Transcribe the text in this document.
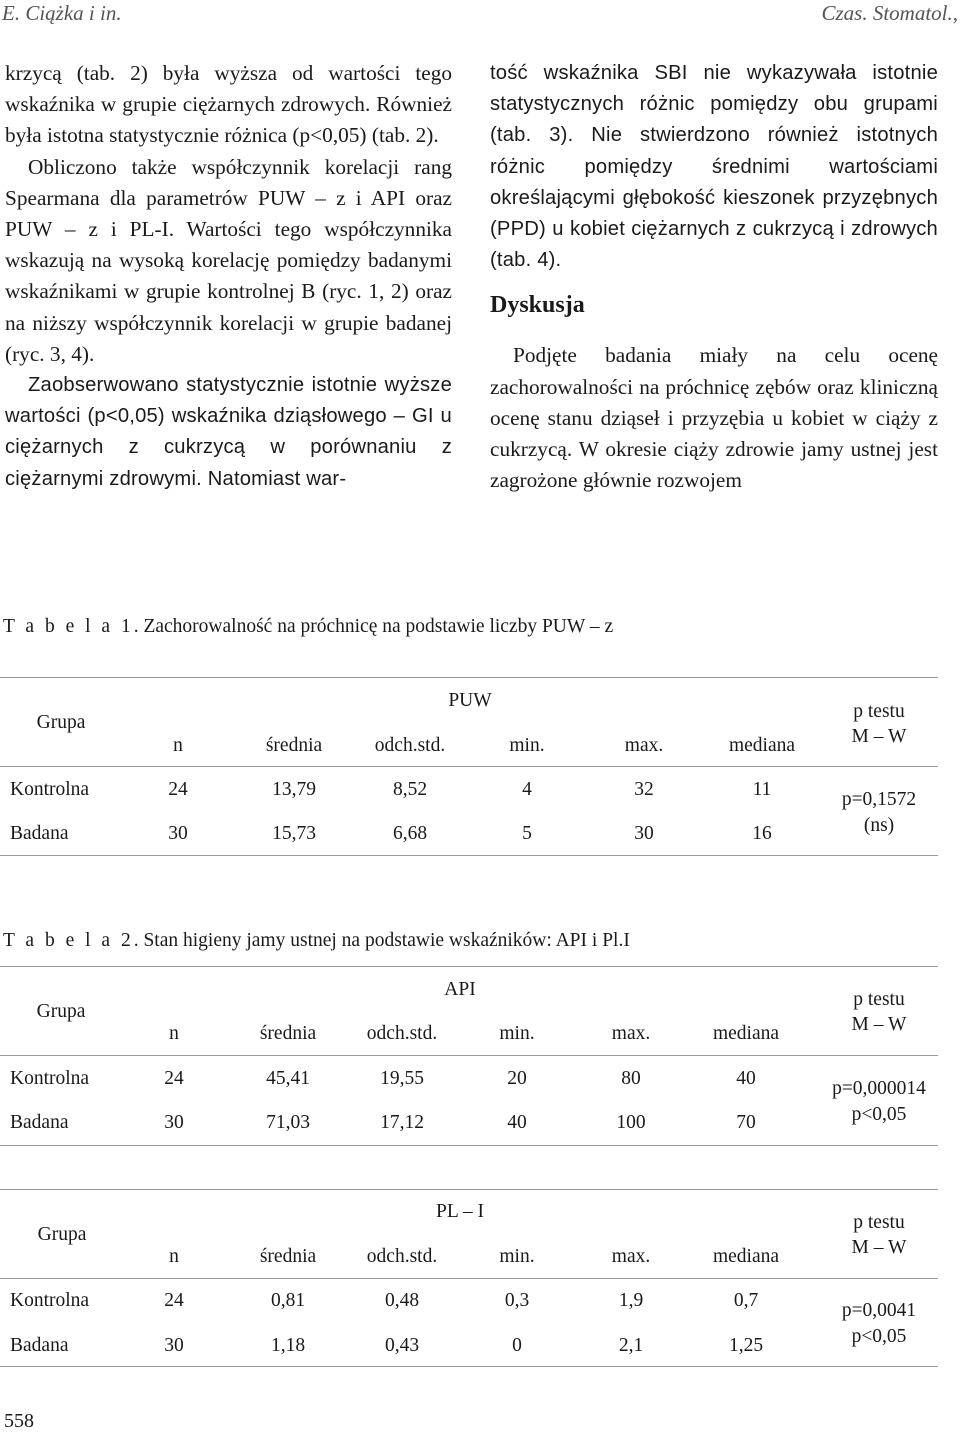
E. Ciążka i in.	Czas. Stomatol.,

krzycą (tab. 2) była wyższa od wartości tego wskaźnika w grupie ciężarnych zdrowych. Również była istotna statystycznie różnica (p<0,05) (tab. 2).

Obliczono także współczynnik korelacji rang Spearmana dla parametrów PUW – z i API oraz PUW – z i PL-I. Wartości tego współczynnika wskazują na wysoką korelację pomiędzy badanymi wskaźnikami w grupie kontrolnej B (ryc. 1, 2) oraz na niższy współczynnik korelacji w grupie badanej (ryc. 3, 4).

Zaobserwowano statystycznie istotnie wyższe wartości (p<0,05) wskaźnika dziąsłowego – GI u ciężarnych z cukrzycą w porównaniu z ciężarnymi zdrowymi. Natomiast war-

tość wskaźnika SBI nie wykazywała istotnie statystycznych różnic pomiędzy obu grupami (tab. 3). Nie stwierdzono również istotnych różnic pomiędzy średnimi wartościami określającymi głębokość kieszonek przyzębnych (PPD) u kobiet ciężarnych z cukrzycą i zdrowych (tab. 4).

Dyskusja

Podjęte badania miały na celu ocenę zachorowalności na próchnicę zębów oraz kliniczną ocenę stanu dziąseł i przyzębia u kobiet w ciąży z cukrzycą. W okresie ciąży zdrowie jamy ustnej jest zagrożone głównie rozwojem

T a b e l a 1. Zachorowalność na próchnicę na podstawie liczby PUW – z
Grupa
PUW
n	średnia	odch.std.	min.	max.	mediana
p testu
M – W
Kontrolna	24	13,79	8,52	4	32	11
Badana	30	15,73	6,68	5	30	16
p=0,1572
(ns)
T a b e l a 2. Stan higieny jamy ustnej na podstawie wskaźników: API i Pl.I
Grupa
API
n	średnia	odch.std.	min.	max.	mediana
p testu
M – W
Kontrolna	24	45,41	19,55	20	80	40
Badana	30	71,03	17,12	40	100	70
p=0,000014
p<0,05
Grupa
PL – I
n	średnia	odch.std.	min.	max.	mediana
p testu
M – W
Kontrolna	24	0,81	0,48	0,3	1,9	0,7
Badana	30	1,18	0,43	0	2,1	1,25
p=0,0041
p<0,05
558
